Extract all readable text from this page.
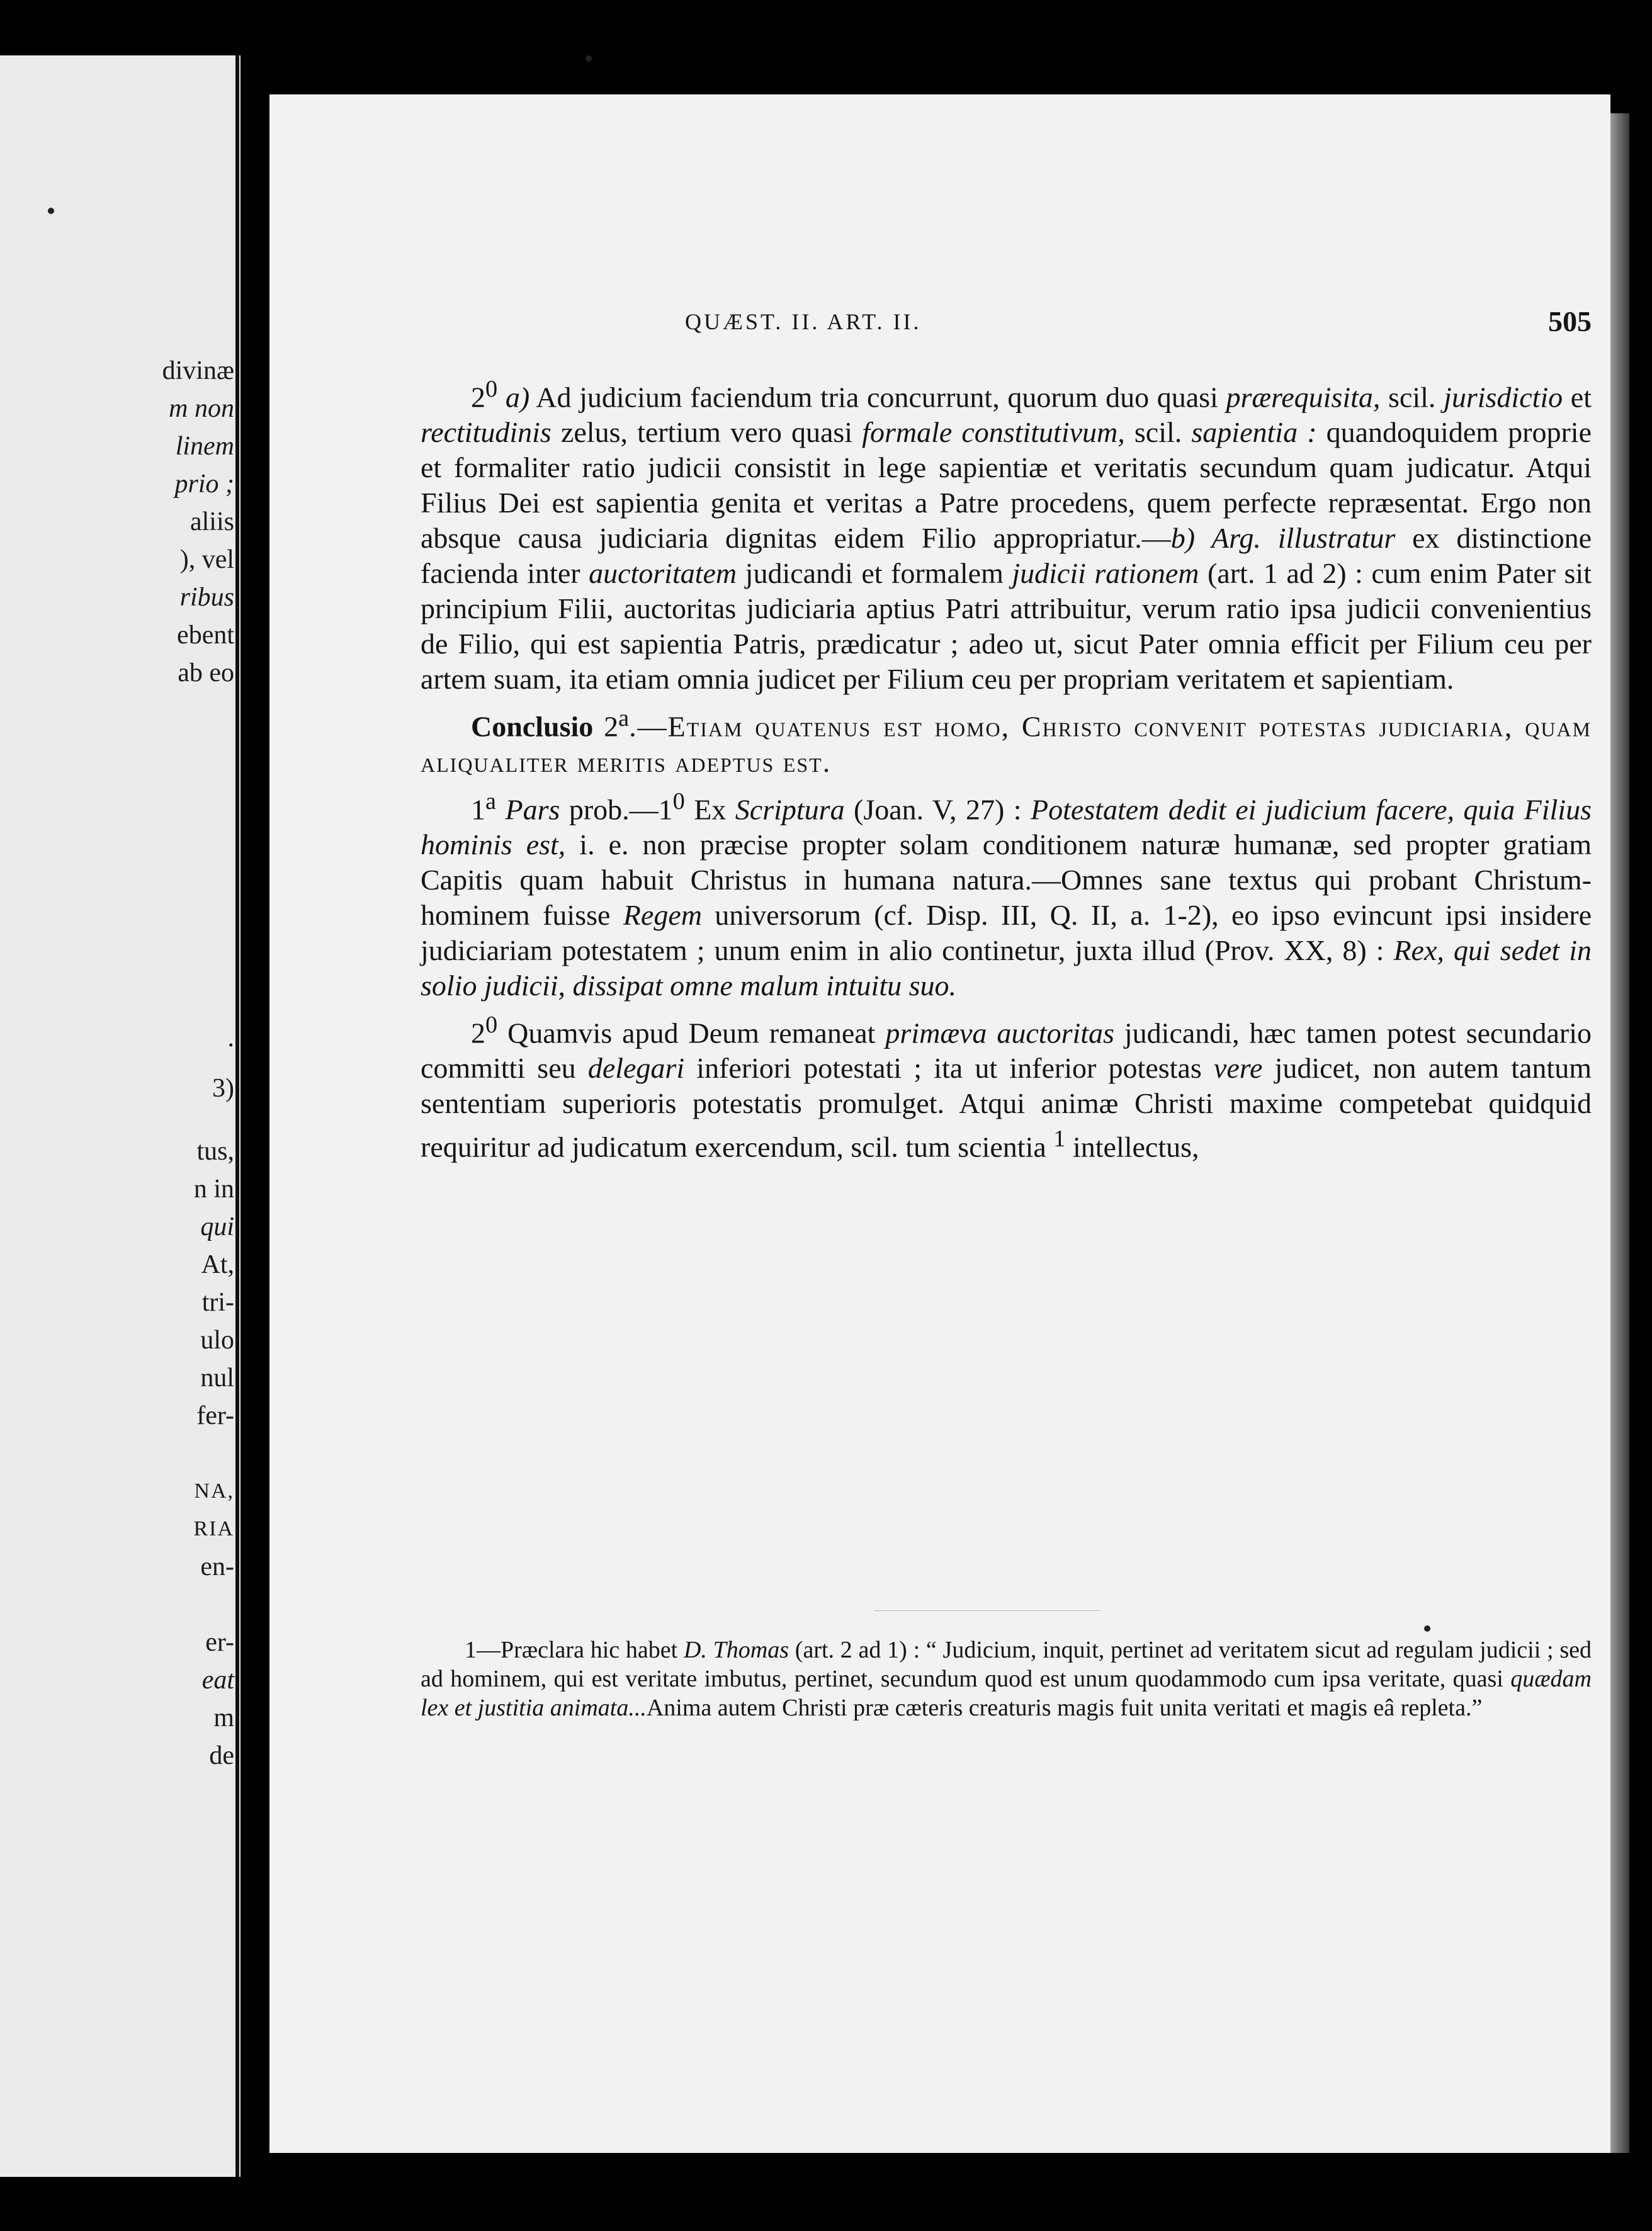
divinæ
m non
linem
prio ;
aliis
), vel
ribus
ebent
ab eo
.
3)
tus,
n in
qui
At,
tri-
ulo
nul
fer-
NA,
RIA
en-
er-
eat
m
de
QUÆST. II. ART. II.	505

$2^0$ a) Ad judicium faciendum tria concurrunt, quorum duo quasi prærequisita, scil. jurisdictio et rectitudinis zelus, tertium vero quasi formale constitutivum, scil. sapientia : quandoquidem proprie et formaliter ratio judicii consistit in lege sapientiæ et veritatis secundum quam judicatur. Atqui Filius Dei est sapientia genita et veritas a Patre procedens, quem perfecte repræsentat. Ergo non absque causa judiciaria dignitas eidem Filio appropriatur.—b) Arg. illustratur ex distinctione facienda inter auctoritatem judicandi et formalem judicii rationem (art. 1 ad 2) : cum enim Pater sit principium Filii, auctoritas judiciaria aptius Patri attribuitur, verum ratio ipsa judicii convenientius de Filio, qui est sapientia Patris, prædicatur ; adeo ut, sicut Pater omnia efficit per Filium ceu per artem suam, ita etiam omnia judicet per Filium ceu per propriam veritatem et sapientiam.

Conclusio 2$^a$.—Etiam quatenus est homo, Christo convenit potestas judiciaria, quam aliqualiter meritis adeptus est.

1$^a$ Pars $prob.—1^0$ Ex Scriptura (Joan. V, 27) : Potestatem dedit ei judicium facere, quia Filius hominis est, i. e. non præcise propter solam conditionem naturæ humanæ, sed propter gratiam Capitis quam habuit Christus in humana natura.—Omnes sane textus qui probant Christum-hominem fuisse Regem universorum (cf. Disp. III, Q. II, a. 1-2), eo ipso evincunt ipsi insidere judiciariam potestatem ; unum enim in alio continetur, juxta illud (Prov. XX, 8) : Rex, qui sedet in solio judicii, dissipat omne malum intuitu suo.

$2^0$ Quamvis apud Deum remaneat primæva auctoritas judicandi, hæc tamen potest secundario committi seu delegari inferiori potestati ; ita ut inferior potestas vere judicet, non autem tantum sententiam superioris potestatis promulget. Atqui animæ Christi maxime competebat quidquid requiritur ad judicatum exercendum, scil. tum scientia $^1$ intellectus,

1—Præclara hic habet D. Thomas (art. 2 ad 1) : “ Judicium, inquit, pertinet ad veritatem sicut ad regulam judicii ; sed ad hominem, qui est veritate imbutus, pertinet, secundum quod est unum quodammodo cum ipsa veritate, quasi quædam lex et justitia animata...Anima autem Christi præ cæteris creaturis magis fuit unita veritati et magis eâ repleta.”
